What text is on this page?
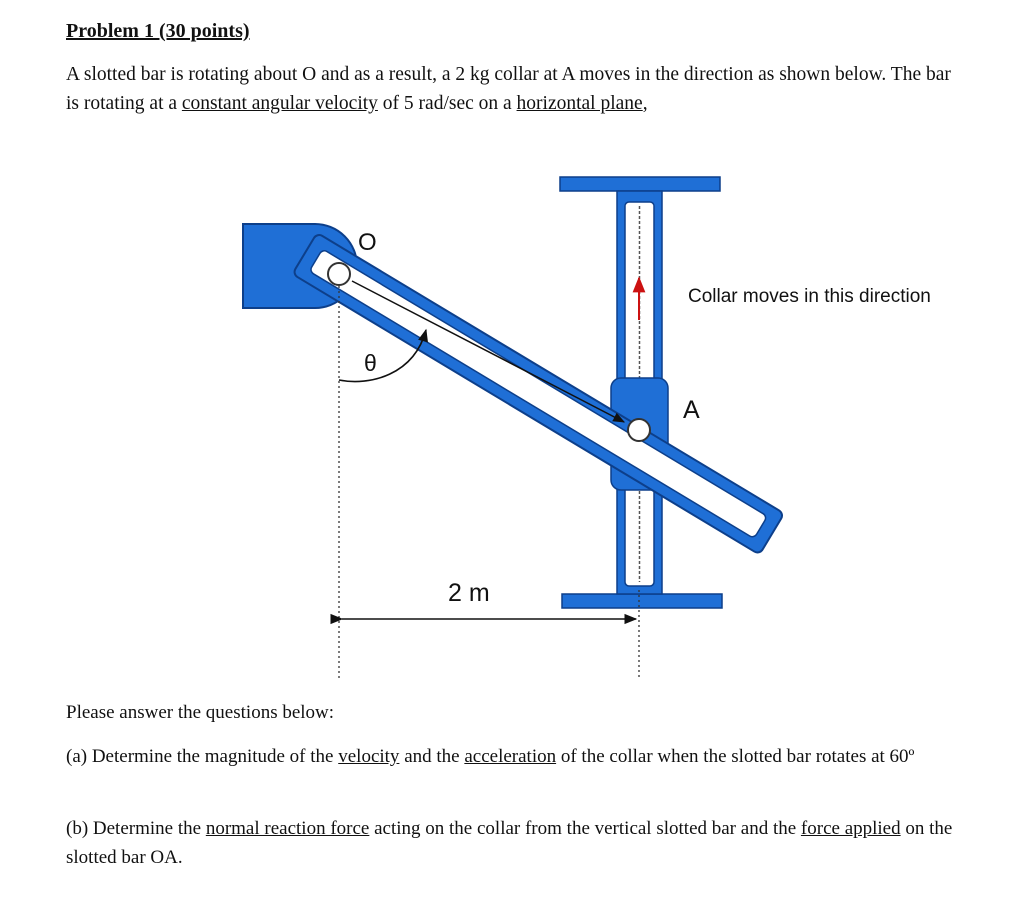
Problem 1 (30 points)

A slotted bar is rotating about O and as a result, a 2 kg collar at A moves in the direction as shown below. The bar is rotating at a constant angular velocity of 5 rad/sec on a horizontal plane,

O
θ
A
Collar moves in this direction
2 m

Please answer the questions below:

(a) Determine the magnitude of the velocity and the acceleration of the collar when the slotted bar rotates at 60º

(b) Determine the normal reaction force acting on the collar from the vertical slotted bar and the force applied on the slotted bar OA.
